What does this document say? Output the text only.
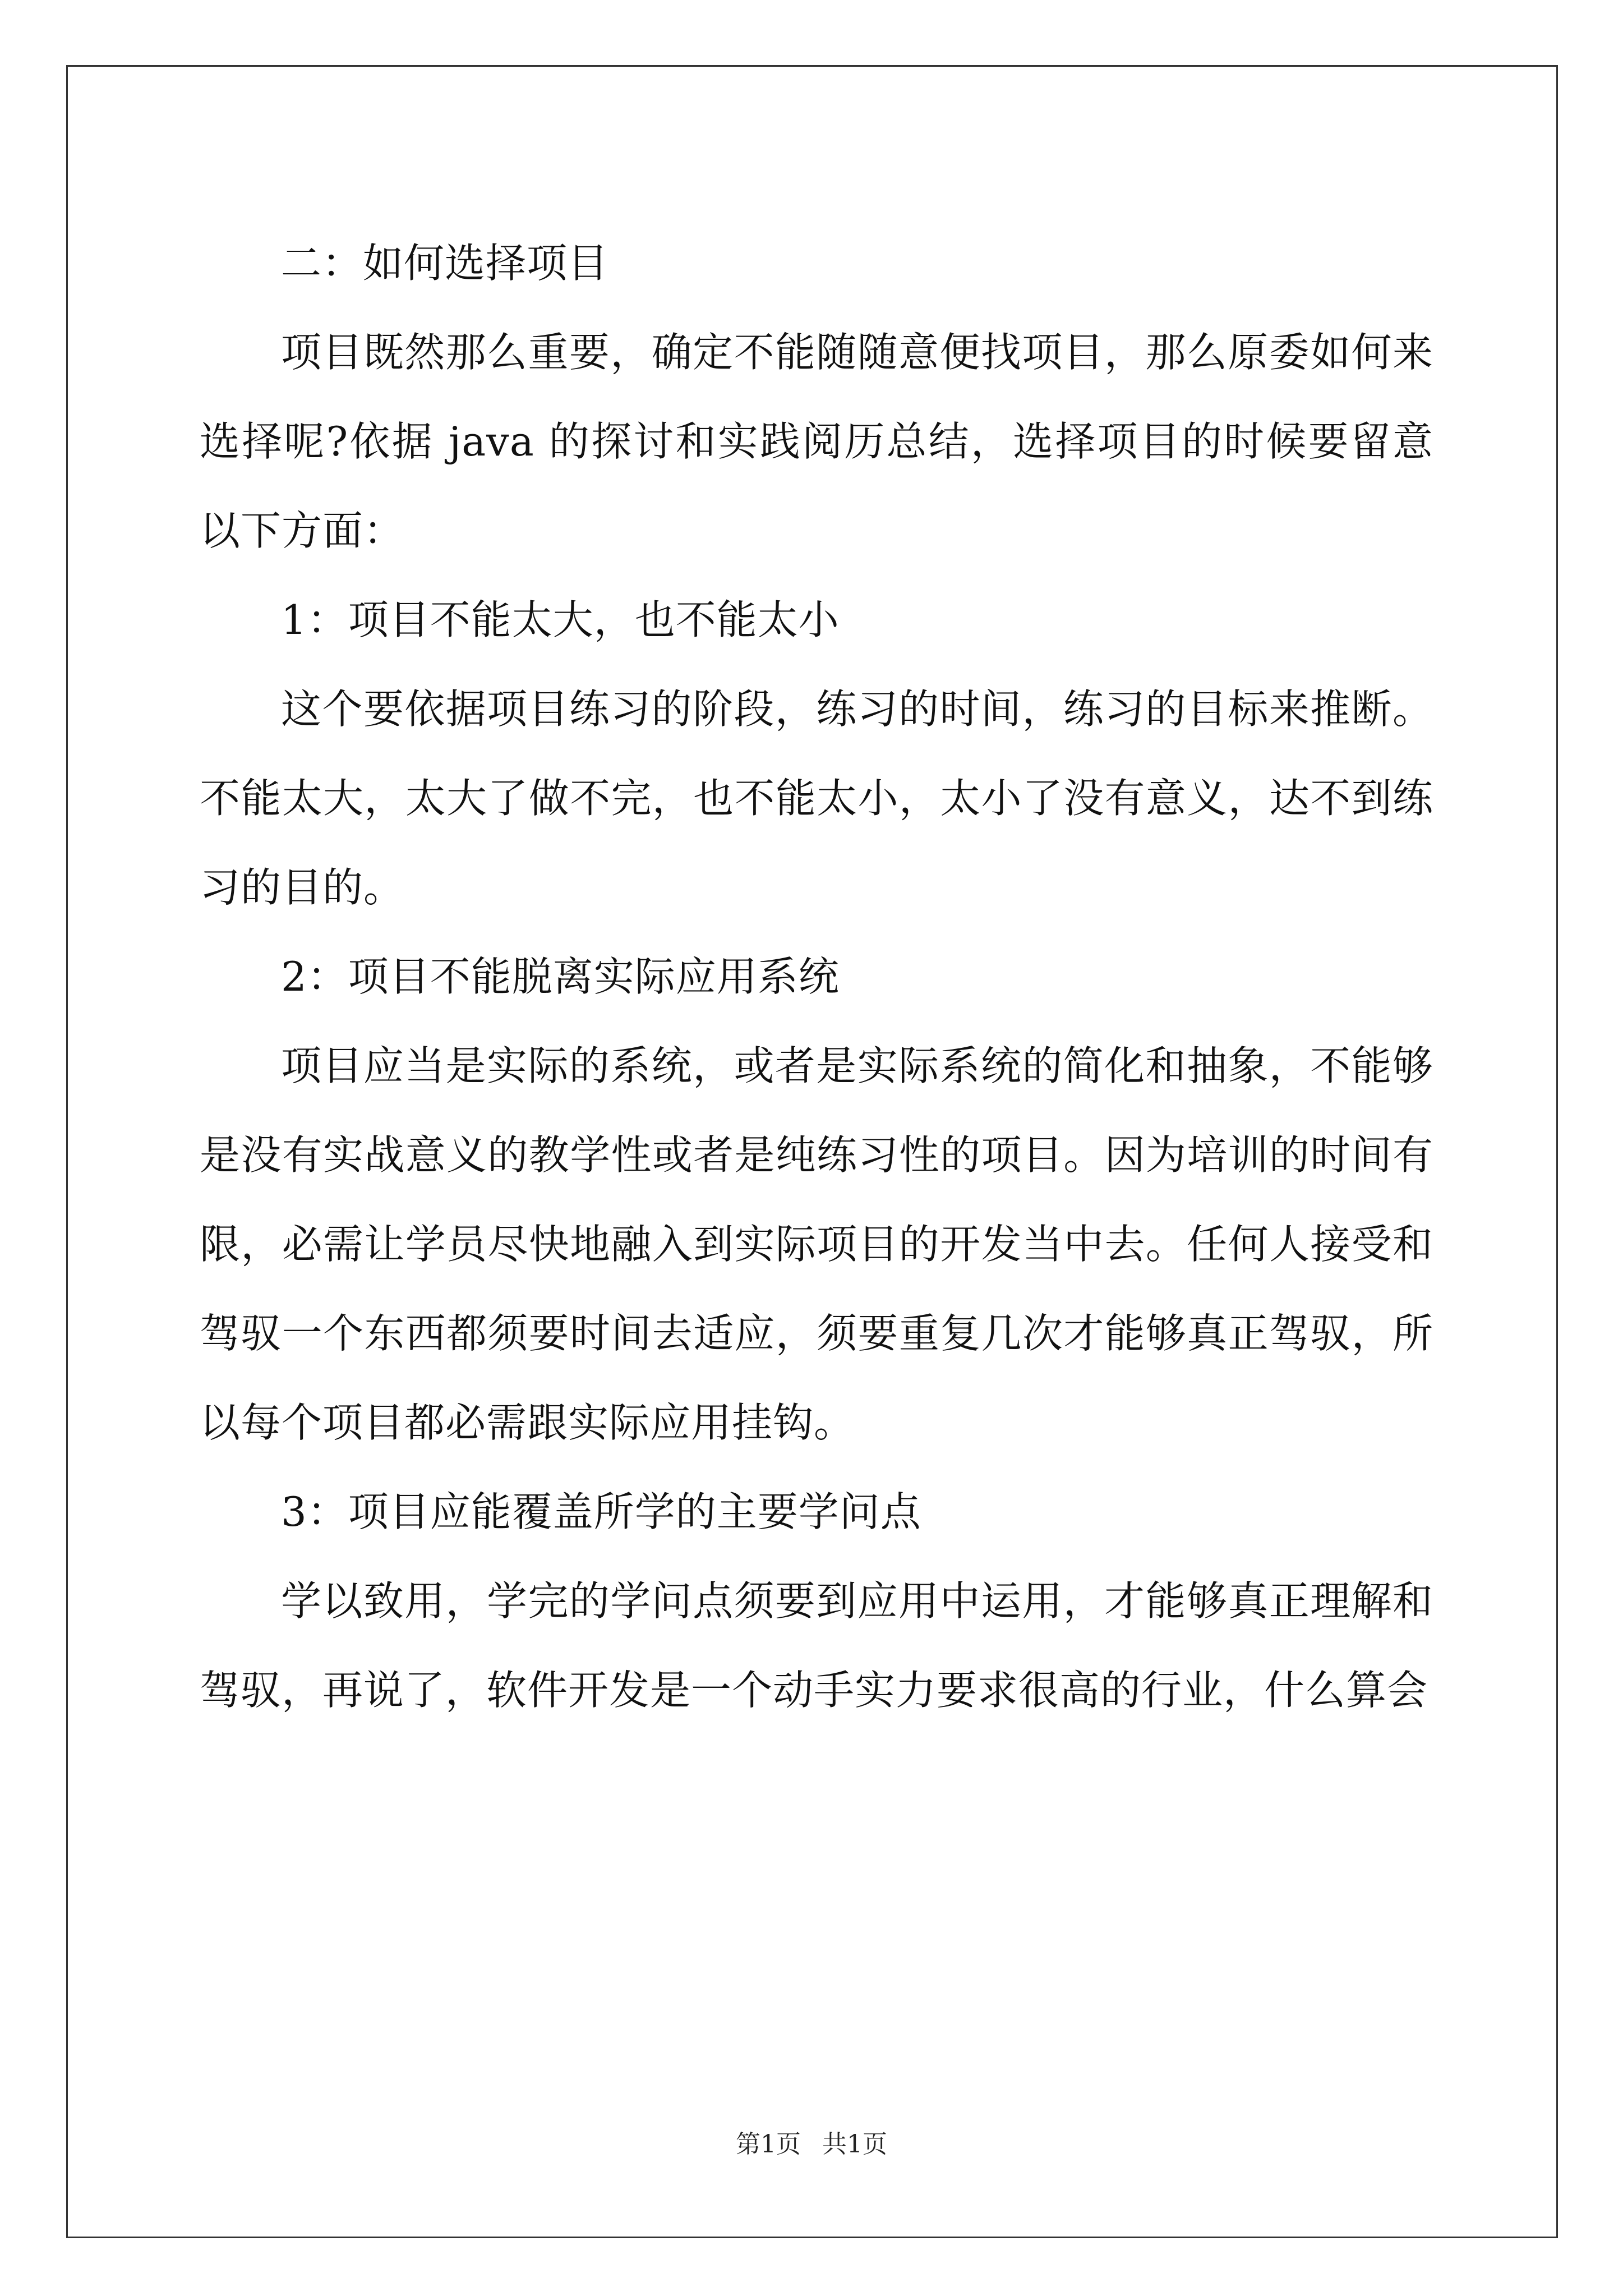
二：如何选择项目

项目既然那么重要，确定不能随随意便找项目，那么原委如何来选择呢?依据 java 的探讨和实践阅历总结，选择项目的时候要留意以下方面：

1：项目不能太大，也不能太小

这个要依据项目练习的阶段，练习的时间，练习的目标来推断。不能太大，太大了做不完，也不能太小，太小了没有意义，达不到练习的目的。

2：项目不能脱离实际应用系统

项目应当是实际的系统，或者是实际系统的简化和抽象，不能够是没有实战意义的教学性或者是纯练习性的项目。因为培训的时间有限，必需让学员尽快地融入到实际项目的开发当中去。任何人接受和驾驭一个东西都须要时间去适应，须要重复几次才能够真正驾驭，所以每个项目都必需跟实际应用挂钩。

3：项目应能覆盖所学的主要学问点

学以致用，学完的学问点须要到应用中运用，才能够真正理解和驾驭，再说了，软件开发是一个动手实力要求很高的行业，什么算会

第1页 共1页
